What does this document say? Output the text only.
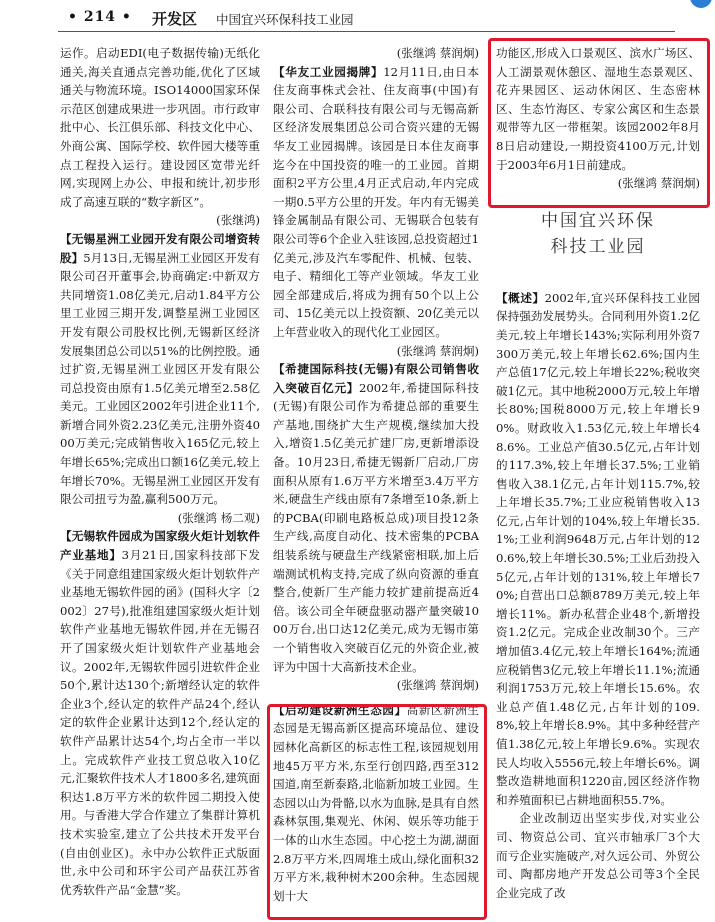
• 214 • 开发区 中国宜兴环保科技工业园

运作。启动EDI(电子数据传输)无纸化通关,海关直通点完善功能,优化了区域通关与物流环境。ISO14000国家环保示范区创建成果进一步巩固。市行政审批中心、长江俱乐部、科技文化中心、外商公寓、国际学校、软件园大楼等重点工程投入运行。建设园区宽带光纤网,实现网上办公、申报和统计,初步形成了高速互联的“数字新区”。

(张继鸿)

【无锡星洲工业园开发有限公司增资转股】5月13日,无锡星洲工业园区开发有限公司召开董事会,协商确定:中新双方共同增资1.08亿美元,启动1.84平方公里工业园三期开发,调整星洲工业园区开发有限公司股权比例,无锡新区经济发展集团总公司以51%的比例控股。通过扩资,无锡星洲工业园区开发有限公司总投资由原有1.5亿美元增至2.58亿美元。工业园区2002年引进企业11个,新增合同外资2.23亿美元,注册外资4000万美元;完成销售收入165亿元,较上年增长65%;完成出口额16亿美元,较上年增长70%。无锡星洲工业园区开发有限公司扭亏为盈,赢利500万元。

(张继鸿 杨二观)

【无锡软件园成为国家级火炬计划软件产业基地】3月21日,国家科技部下发《关于同意组建国家级火炬计划软件产业基地无锡软件园的函》(国科火字〔2002〕27号),批准组建国家级火炬计划软件产业基地无锡软件园,并在无锡召开了国家级火炬计划软件产业基地会议。2002年,无锡软件园引进软件企业50个,累计达130个;新增经认定的软件企业3个,经认定的软件产品24个,经认定的软件企业累计达到12个,经认定的软件产品累计达54个,均占全市一半以上。完成软件产业技工贸总收入10亿元,汇聚软件技术人才1800多名,建筑面积达1.8万平方米的软件园二期投入使用。与香港大学合作建立了集群计算机技术实验室,建立了公共技术开发平台(自由创业区)。永中办公软件正式版面世,永中公司和环宇公司产品获江苏省优秀软件产品“金慧”奖。

(张继鸿 蔡润炯)

【华友工业园揭牌】12月11日,由日本住友商事株式会社、住友商事(中国)有限公司、合联科技有限公司与无锡高新区经济发展集团总公司合资兴建的无锡华友工业园揭牌。该园是日本住友商事迄今在中国投资的唯一的工业园。首期面积2平方公里,4月正式启动,年内完成一期0.5平方公里的开发。年内有无锡美锋金属制品有限公司、无锡联合包装有限公司等6个企业入驻该园,总投资超过1亿美元,涉及汽车零配件、机械、包装、电子、精细化工等产业领域。华友工业园全部建成后,将成为拥有50个以上公司、15亿美元以上投资额、20亿美元以上年营业收入的现代化工业园区。

(张继鸿 蔡润炯)

【希捷国际科技(无锡)有限公司销售收入突破百亿元】2002年,希捷国际科技(无锡)有限公司作为希捷总部的重要生产基地,围绕扩大生产规模,继续加大投入,增资1.5亿美元扩建厂房,更新增添设备。10月23日,希捷无锡新厂启动,厂房面积从原有1.6万平方米增至3.4万平方米,硬盘生产线由原有7条增至10条,新上的PCBA(印刷电路板总成)项目投12条生产线,高度自动化、技术密集的PCBA组装系统与硬盘生产线紧密相联,加上后端测试机构支持,完成了纵向资源的垂直整合,使新厂生产能力较扩建前提高近4倍。该公司全年硬盘驱动器产量突破1000万台,出口达12亿美元,成为无锡市第一个销售收入突破百亿元的外资企业,被评为中国十大高新技术企业。

(张继鸿 蔡润炯)

【启动建设新洲生态园】高新区新洲生态园是无锡高新区提高环境品位、建设园林化高新区的标志性工程,该园规划用地45万平方米,东至行创四路,西至312国道,南至新泰路,北临新加坡工业园。生态园以山为骨骼,以水为血脉,是具有自然森林氛围,集观光、休闲、娱乐等功能于一体的山水生态园。中心挖土为湖,湖面2.8万平方米,四周堆土成山,绿化面积32万平方米,栽种树木200余种。生态园规划十大

功能区,形成入口景观区、滨水广场区、人工湖景观休憩区、湿地生态景观区、花卉果园区、运动休闲区、生态密林区、生态竹海区、专家公寓区和生态景观带等九区一带框架。该园2002年8月8日启动建设,一期投资4100万元,计划于2003年6月1日前建成。

(张继鸿 蔡润炯)

【概述】2002年,宜兴环保科技工业园保持强劲发展势头。合同利用外资1.2亿美元,较上年增长143%;实际利用外资7300万美元,较上年增长62.6%;国内生产总值17亿元,较上年增长22%;税收突破1亿元。其中地税2000万元,较上年增长80%;国税8000万元,较上年增长90%。财政收入1.53亿元,较上年增长48.6%。工业总产值30.5亿元,占年计划的117.3%,较上年增长37.5%;工业销售收入38.1亿元,占年计划115.7%,较上年增长35.7%;工业应税销售收入13亿元,占年计划的104%,较上年增长35.1%;工业利润9648万元,占年计划的120.6%,较上年增长30.5%;工业后劲投入5亿元,占年计划的131%,较上年增长70%;自营出口总额8789万美元,较上年增长11%。新办私营企业48个,新增投资1.2亿元。完成企业改制30个。三产增加值3.4亿元,较上年增长164%;流通应税销售3亿元,较上年增长11.1%;流通利润1753万元,较上年增长15.6%。农业总产值1.48亿元,占年计划的109.8%,较上年增长8.9%。其中多种经营产值1.38亿元,较上年增长9.6%。实现农民人均收入5556元,较上年增长6%。调整改造耕地面积1220亩,园区经济作物和养殖面积已占耕地面积55.7%。

企业改制迈出坚实步伐,对实业公司、物资总公司、宜兴市轴承厂3个大而亏企业实施破产,对久远公司、外贸公司、陶都房地产开发总公司等3个全民企业完成了改

中国宜兴环保
科技工业园
